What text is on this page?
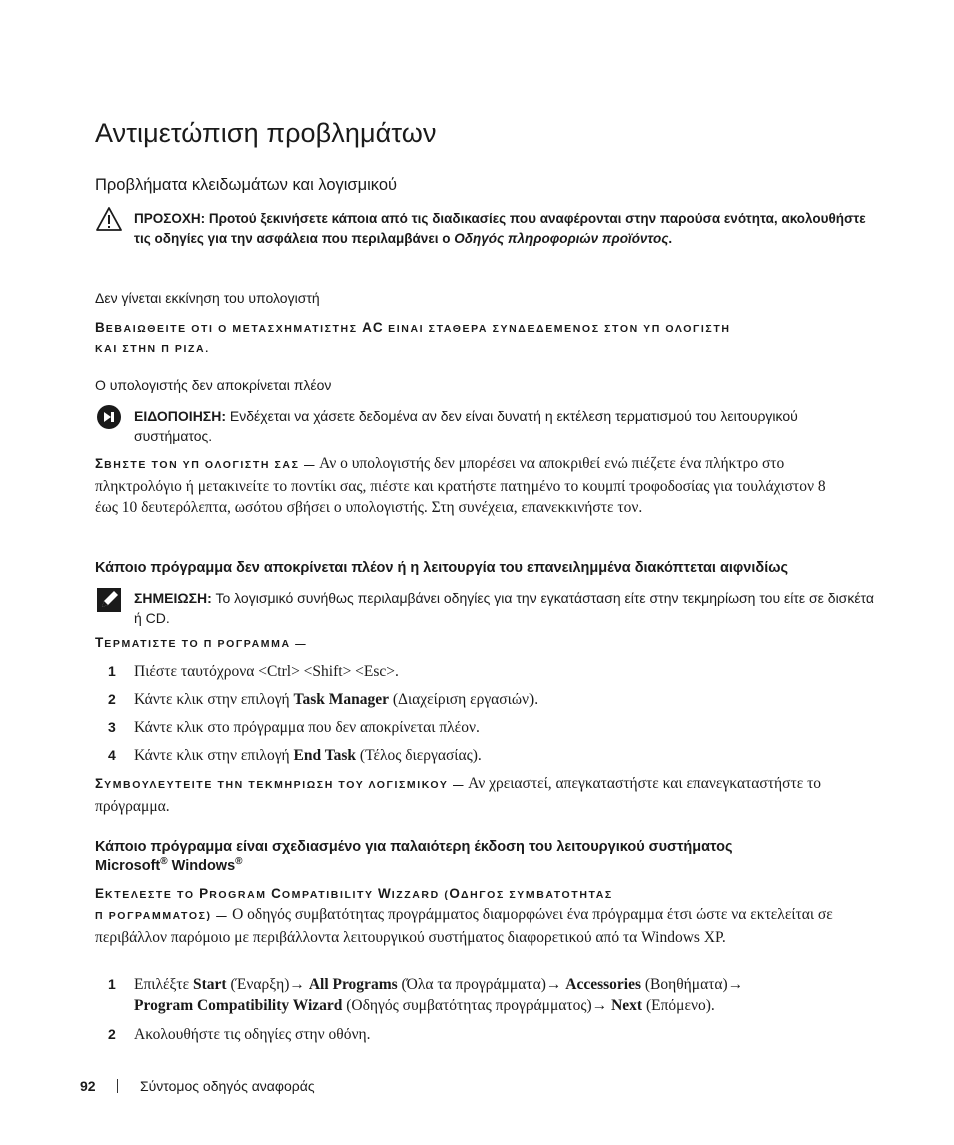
Αντιμετώπιση προβλημάτων
Προβλήματα κλειδωμάτων και λογισμικού
ΠΡΟΣΟΧΗ: Προτού ξεκινήσετε κάποια από τις διαδικασίες που αναφέρονται στην παρούσα ενότητα, ακολουθήστε τις οδηγίες για την ασφάλεια που περιλαμβάνει ο Οδηγός πληροφοριών προϊόντος.
Δεν γίνεται εκκίνηση του υπολογιστή
ΒΕΒΑΙΩΘΕΙΤΕ ΟΤΙ Ο ΜΕΤΑΣΧΗΜΑΤΙΣΤΗΣ AC ΕΙΝΑΙ ΣΤΑΘΕΡΑ ΣΥΝΔΕΔΕΜΕΝΟΣ ΣΤΟΝ ΥΠ ΟΛΟΓΙΣΤΗ
ΚΑΙ ΣΤΗΝ Π ΡΙΖΑ.
Ο υπολογιστής δεν αποκρίνεται πλέον
ΕΙΔΟΠΟΙΗΣΗ: Ενδέχεται να χάσετε δεδομένα αν δεν είναι δυνατή η εκτέλεση τερματισμού του λειτουργικού συστήματος.
ΣΒΗΣΤΕ ΤΟΝ ΥΠ ΟΛΟΓΙΣΤΗ ΣΑΣ — Αν ο υπολογιστής δεν μπορέσει να αποκριθεί ενώ πιέζετε ένα πλήκτρο στο πληκτρολόγιο ή μετακινείτε το ποντίκι σας, πιέστε και κρατήστε πατημένο το κουμπί τροφοδοσίας για τουλάχιστον 8 έως 10 δευτερόλεπτα, ωσότου σβήσει ο υπολογιστής. Στη συνέχεια, επανεκκινήστε τον.
Κάποιο πρόγραμμα δεν αποκρίνεται πλέον ή η λειτουργία του επανειλημμένα διακόπτεται αιφνιδίως
ΣΗΜΕΙΩΣΗ: Το λογισμικό συνήθως περιλαμβάνει οδηγίες για την εγκατάσταση είτε στην τεκμηρίωση του είτε σε δισκέτα ή CD.
ΤΕΡΜΑΤΙΣΤΕ ΤΟ Π ΡΟΓΡΑΜΜΑ —
1 Πιέστε ταυτόχρονα <Ctrl> <Shift> <Esc>.
2 Κάντε κλικ στην επιλογή Task Manager (Διαχείριση εργασιών).
3 Κάντε κλικ στο πρόγραμμα που δεν αποκρίνεται πλέον.
4 Κάντε κλικ στην επιλογή End Task (Τέλος διεργασίας).
ΣΥΜΒΟΥΛΕΥΤΕΙΤΕ ΤΗΝ ΤΕΚΜΗΡΙΩΣΗ ΤΟΥ ΛΟΓΙΣΜΙΚΟΥ — Αν χρειαστεί, απεγκαταστήστε και επανεγκαταστήστε το πρόγραμμα.
Κάποιο πρόγραμμα είναι σχεδιασμένο για παλαιότερη έκδοση του λειτουργικού συστήματος
Microsoft® Windows®
ΕΚΤΕΛΕΣΤΕ ΤΟ PROGRAM COMPATIBILITY WIZZARD (ΟΔΗΓΟΣ ΣΥΜΒΑΤΟΤΗΤΑΣ
Π ΡΟΓΡΑΜΜΑΤΟΣ) — Ο οδηγός συμβατότητας προγράμματος διαμορφώνει ένα πρόγραμμα έτσι ώστε να εκτελείται σε περιβάλλον παρόμοιο με περιβάλλοντα λειτουργικού συστήματος διαφορετικού από τα Windows XP.
1 Επιλέξτε Start (Έναρξη)→ All Programs (Όλα τα προγράμματα)→ Accessories (Βοηθήματα)→
Program Compatibility Wizard (Οδηγός συμβατότητας προγράμματος)→ Next (Επόμενο).
2 Ακολουθήστε τις οδηγίες στην οθόνη.
92	Σύντομος οδηγός αναφοράς
